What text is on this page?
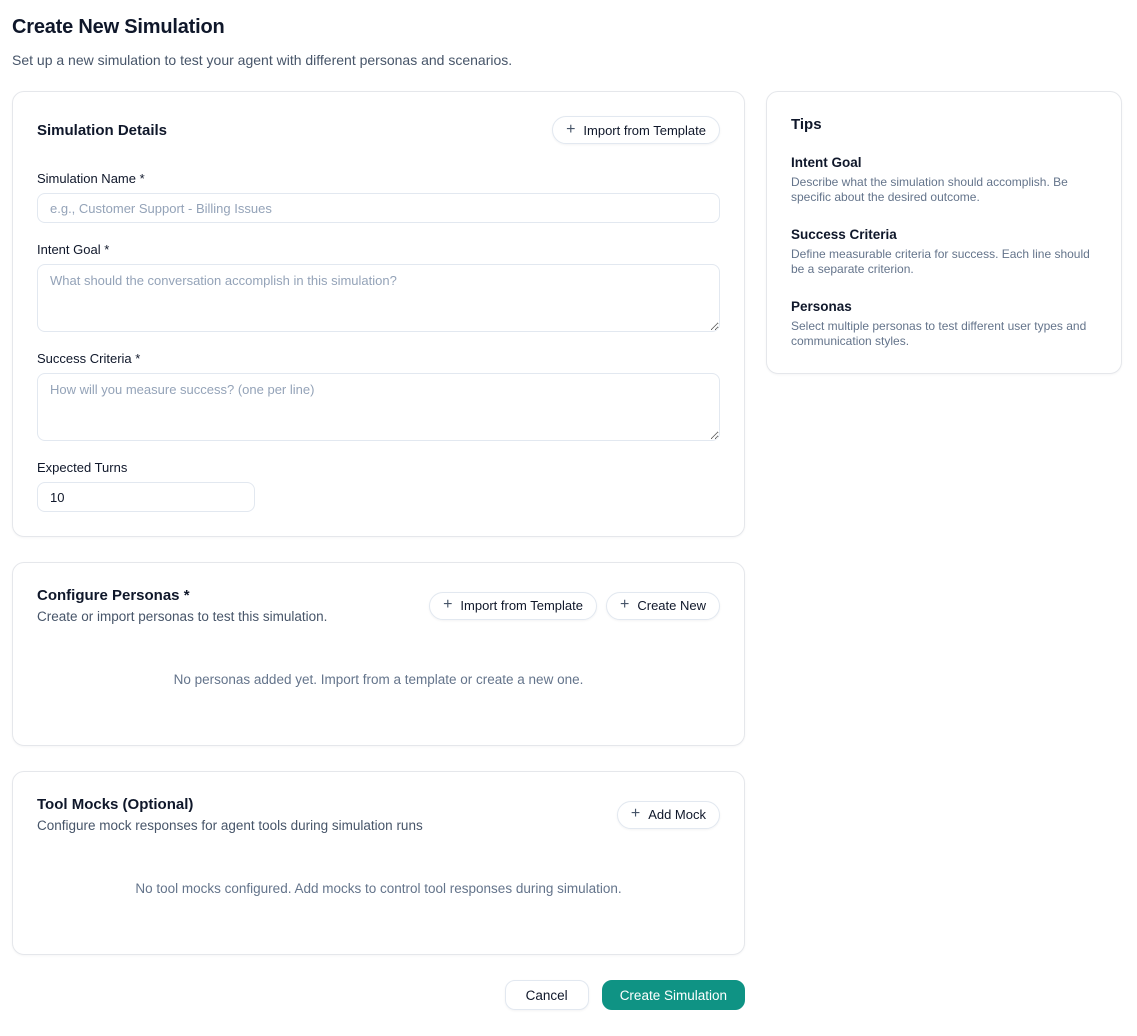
Create New Simulation

Set up a new simulation to test your agent with different personas and scenarios.

Simulation Details	+ Import from Template
Simulation Name *
e.g., Customer Support - Billing Issues
Intent Goal *
What should the conversation accomplish in this simulation?
Success Criteria *
How will you measure success? (one per line)
Expected Turns
10
Configure Personas *

Create or import personas to test this simulation.

+ Import from Template + Create New
No personas added yet. Import from a template or create a new one.
Tool Mocks (Optional)

Configure mock responses for agent tools during simulation runs

+ Add Mock
No tool mocks configured. Add mocks to control tool responses during simulation.
Cancel	Create Simulation
Tips
Intent Goal
Describe what the simulation should accomplish. Be specific about the desired outcome.
Success Criteria
Define measurable criteria for success. Each line should be a separate criterion.
Personas
Select multiple personas to test different user types and communication styles.
